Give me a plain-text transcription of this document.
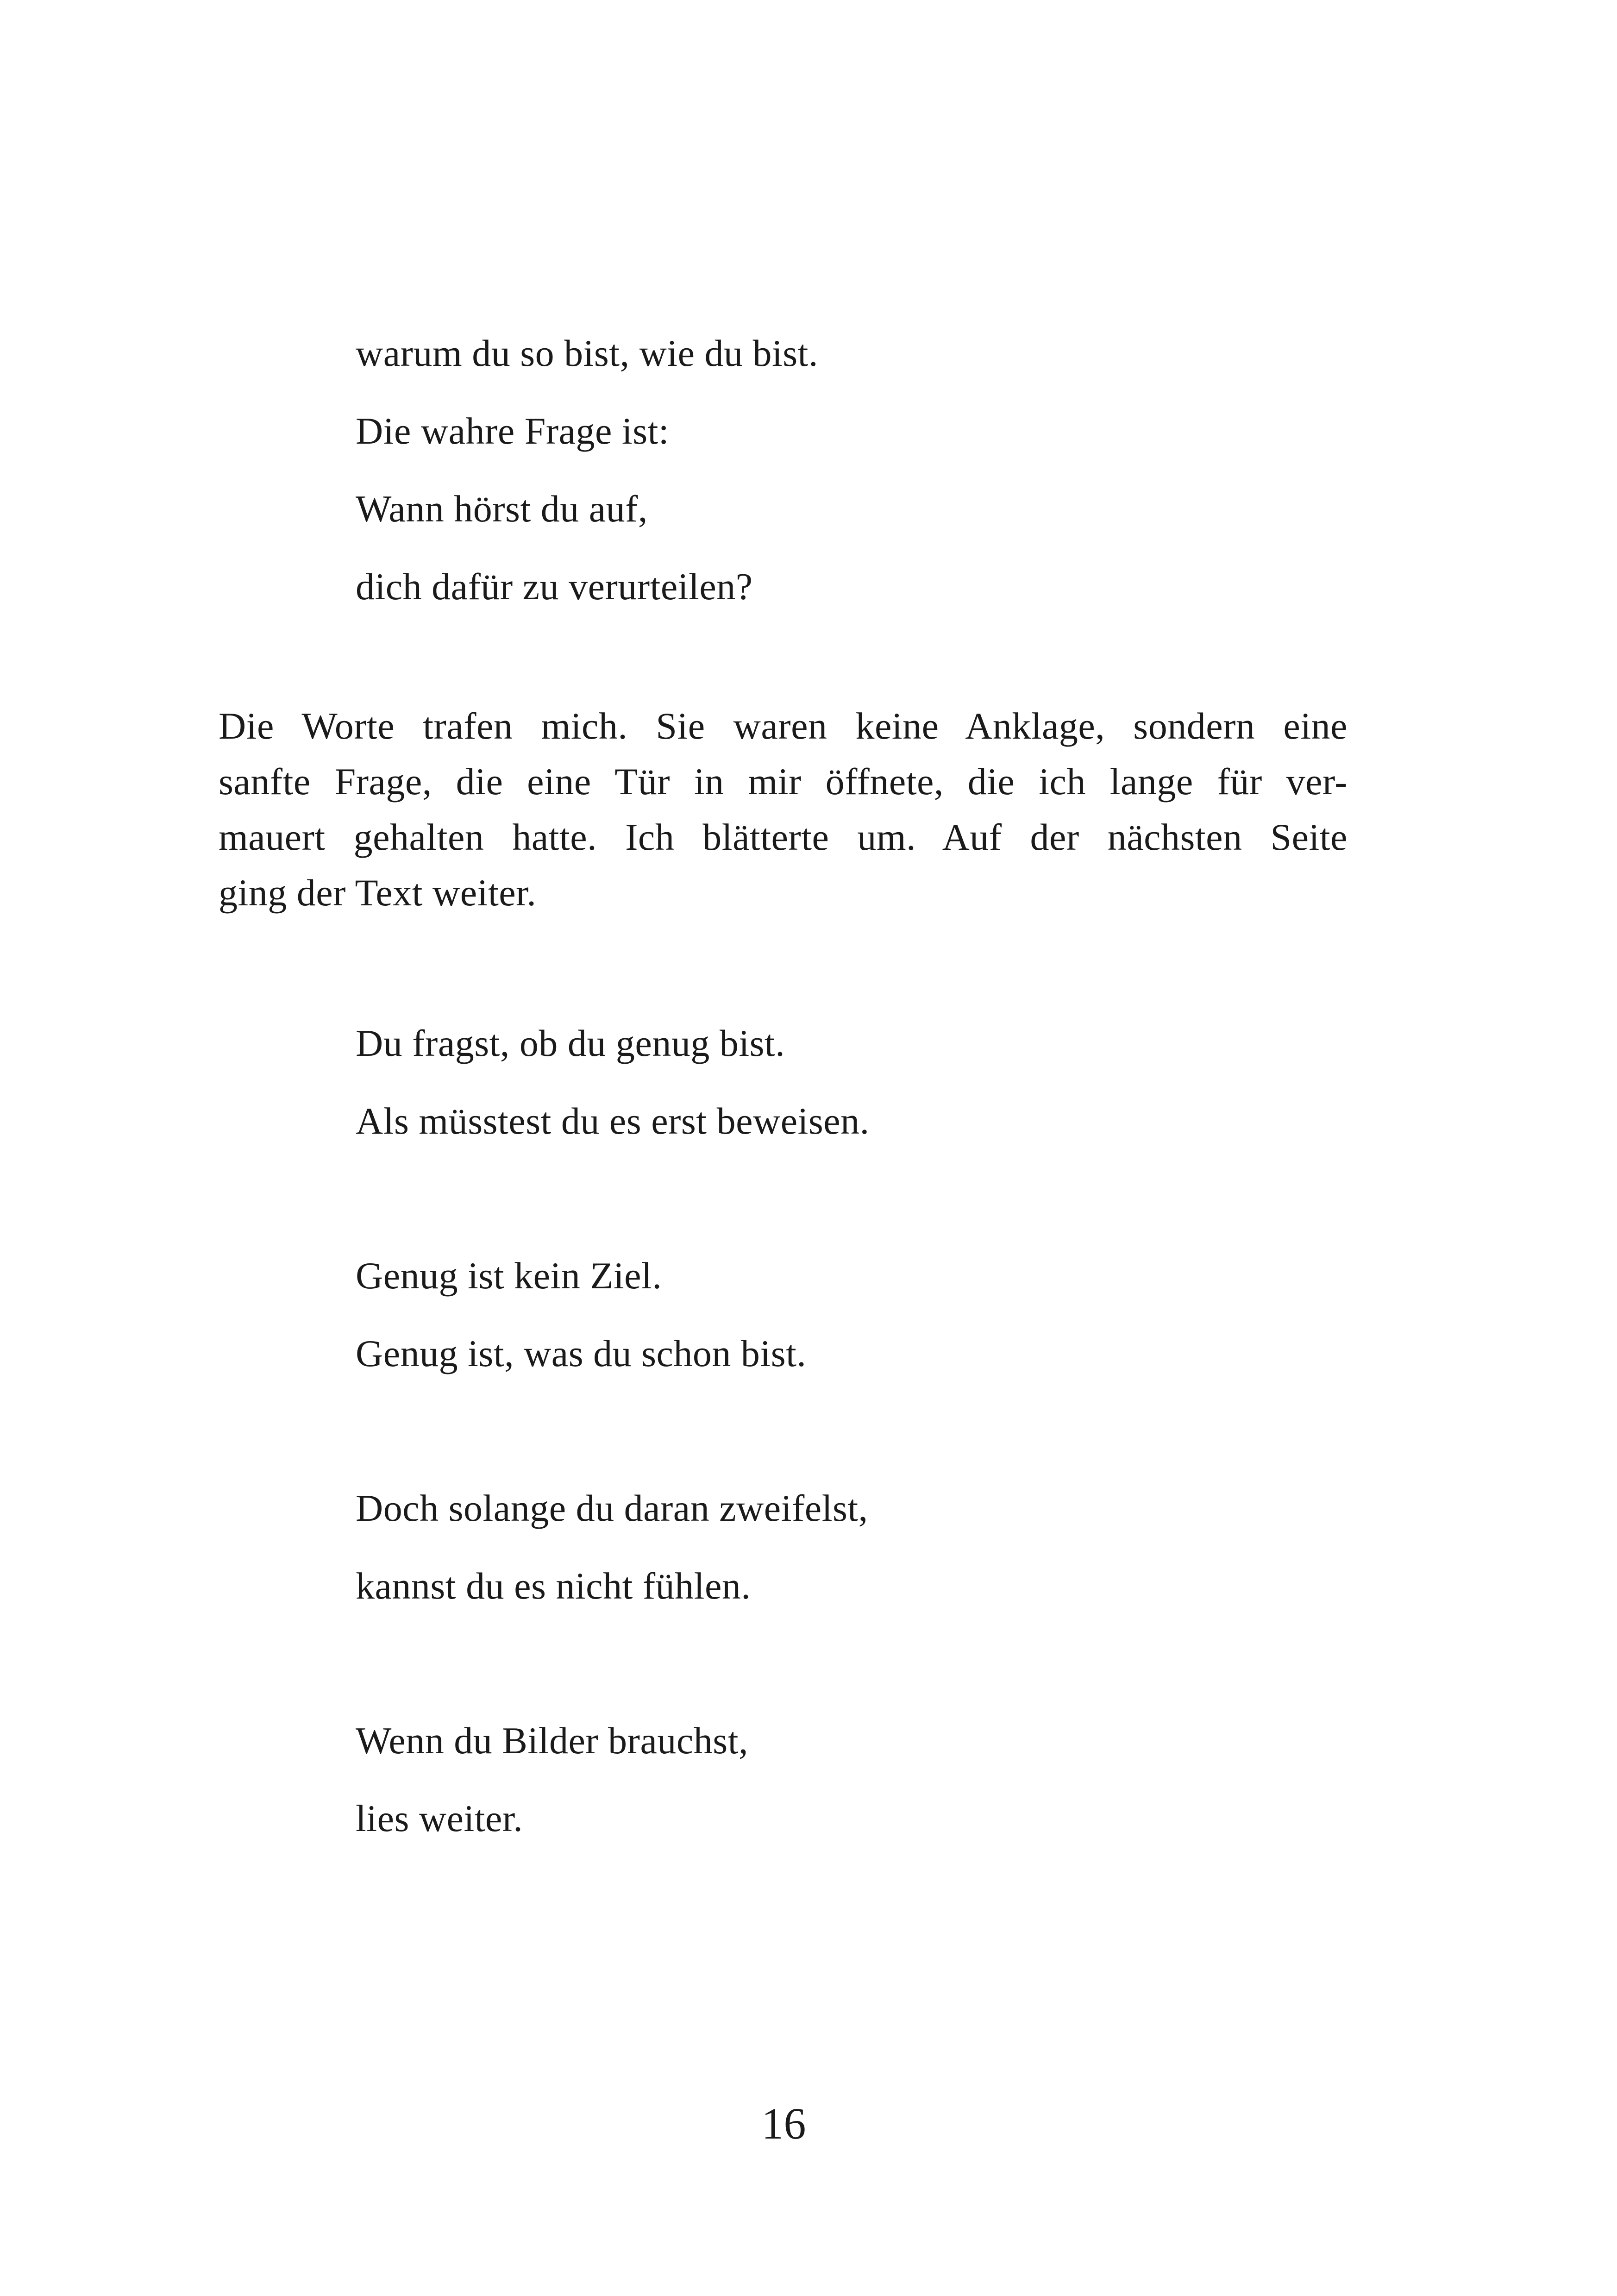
warum du so bist, wie du bist.
Die wahre Frage ist:
Wann hörst du auf,
dich dafür zu verurteilen?
Die Worte trafen mich. Sie waren keine Anklage, sondern eine
sanfte Frage, die eine Tür in mir öffnete, die ich lange für ver-
mauert gehalten hatte. Ich blätterte um. Auf der nächsten Seite
ging der Text weiter.
Du fragst, ob du genug bist.
Als müsstest du es erst beweisen.
Genug ist kein Ziel.
Genug ist, was du schon bist.
Doch solange du daran zweifelst,
kannst du es nicht fühlen.
Wenn du Bilder brauchst,
lies weiter.
16
